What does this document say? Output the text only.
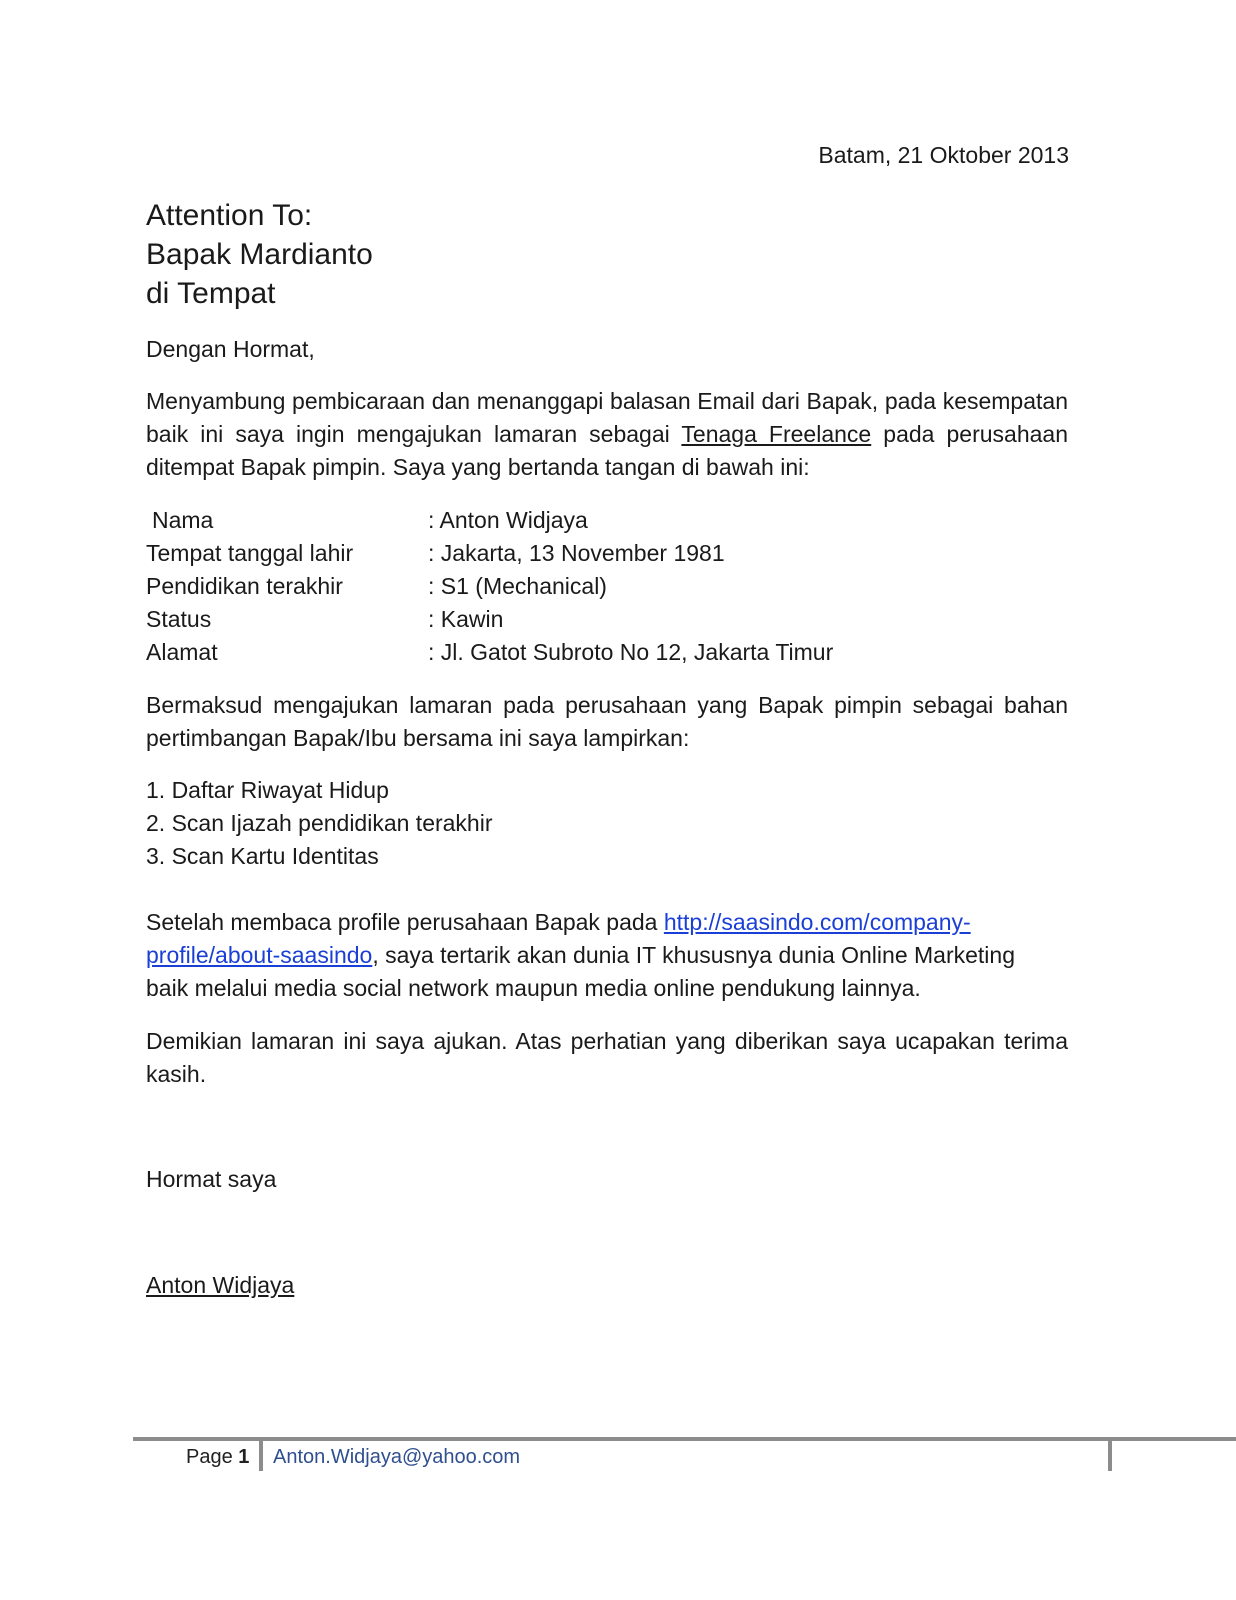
Batam, 21 Oktober 2013
Attention To:
Bapak Mardianto
di Tempat
Dengan Hormat,
Menyambung pembicaraan dan menanggapi balasan Email dari Bapak, pada kesempatan baik ini saya ingin mengajukan lamaran sebagai Tenaga Freelance pada perusahaan ditempat Bapak pimpin. Saya yang bertanda tangan di bawah ini:
Nama	: Anton Widjaya
Tempat tanggal lahir	: Jakarta, 13 November 1981
Pendidikan terakhir	: S1 (Mechanical)
Status	: Kawin
Alamat	: Jl. Gatot Subroto No 12, Jakarta Timur
Bermaksud mengajukan lamaran pada perusahaan yang Bapak pimpin sebagai bahan pertimbangan Bapak/Ibu bersama ini saya lampirkan:
1. Daftar Riwayat Hidup
2. Scan Ijazah pendidikan terakhir
3. Scan Kartu Identitas
Setelah membaca profile perusahaan Bapak pada http://saasindo.com/company-profile/about-saasindo, saya tertarik akan dunia IT khususnya dunia Online Marketing baik melalui media social network maupun media online pendukung lainnya.
Demikian lamaran ini saya ajukan. Atas perhatian yang diberikan saya ucapakan terima kasih.
Hormat saya
Anton Widjaya
Page 1 Anton.Widjaya@yahoo.com
